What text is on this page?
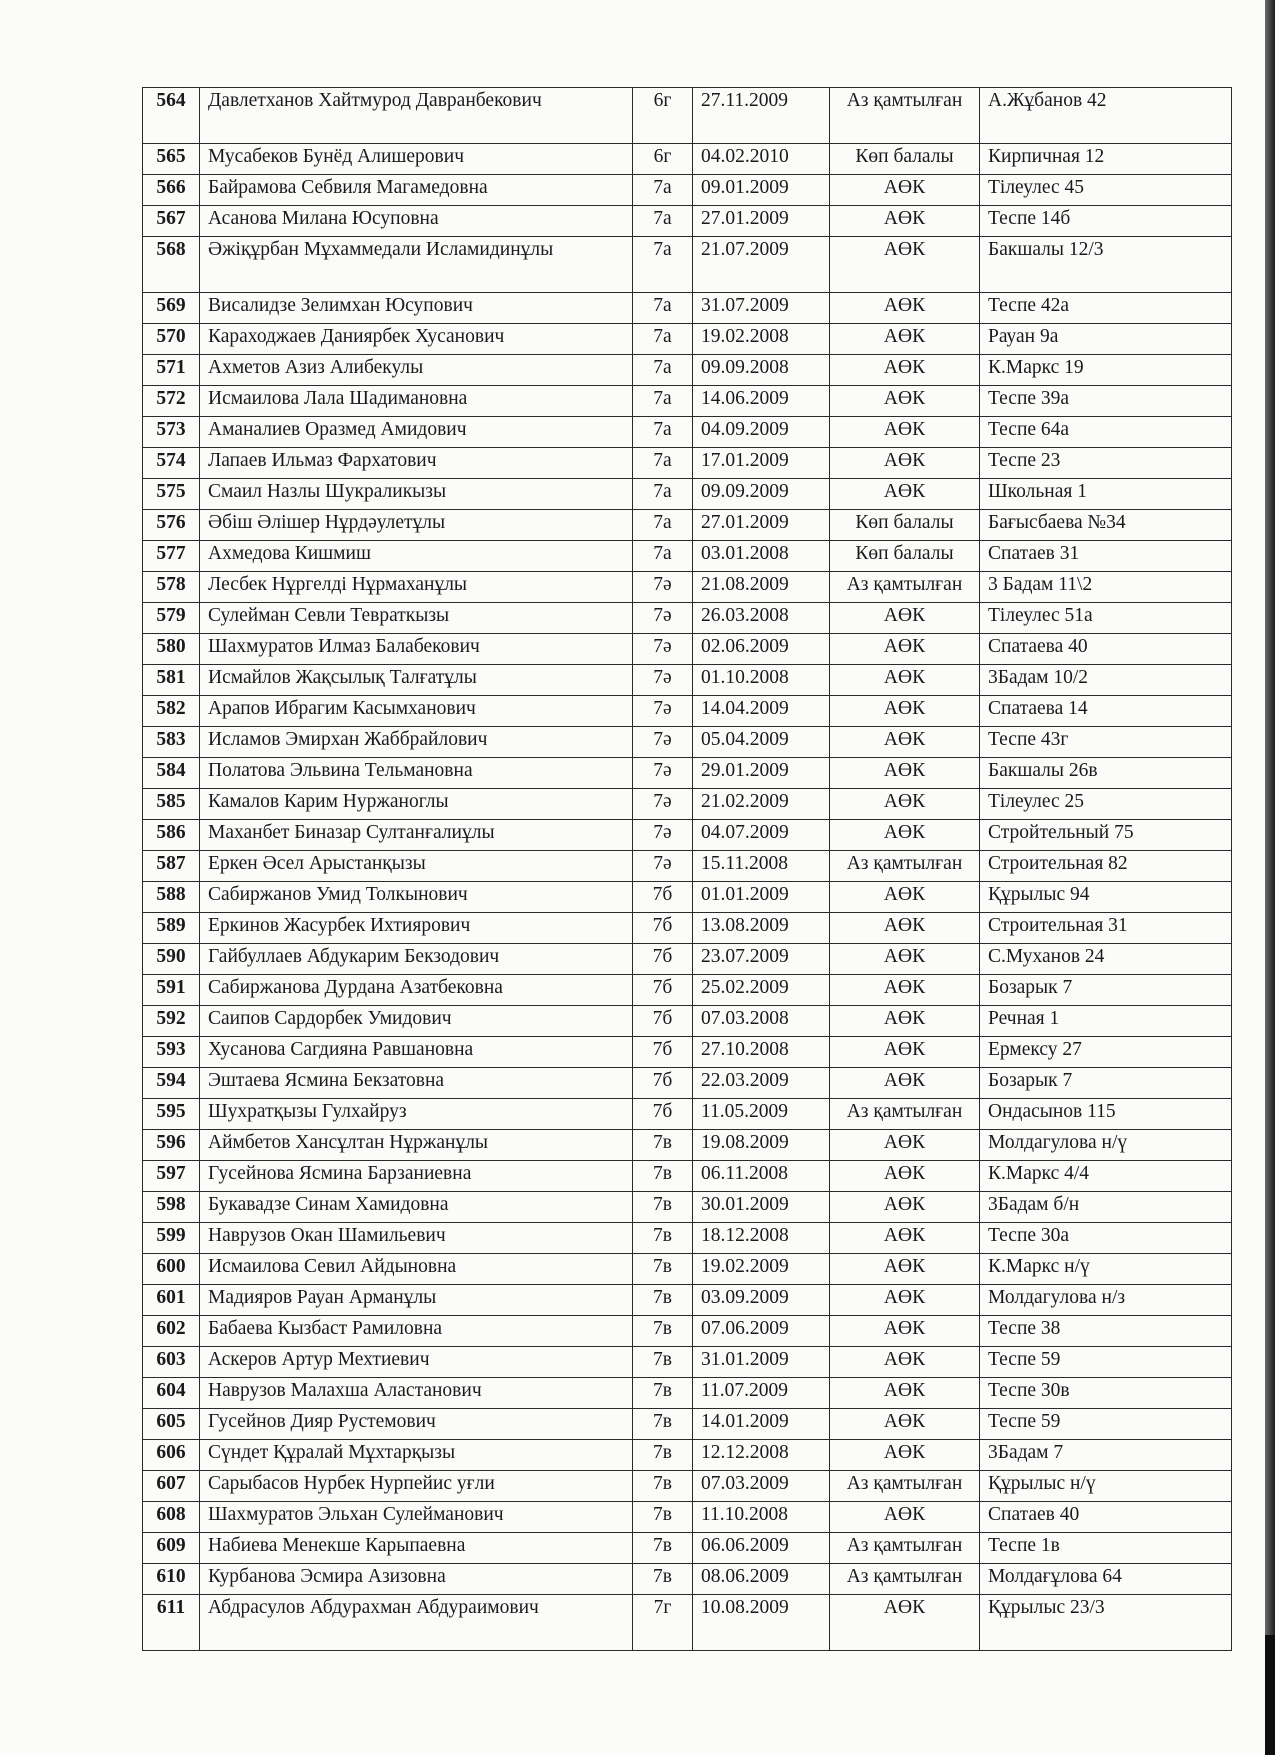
564	Давлетханов Хайтмурод Давранбекович	6г	27.11.2009	Аз қамтылған	А.Жұбанов 42
565	Мусабеков Бунёд Алишерович	6г	04.02.2010	Көп балалы	Кирпичная 12
566	Байрамова Себвиля Магамедовна	7а	09.01.2009	АӨК	Тілеулес 45
567	Асанова Милана Юсуповна	7а	27.01.2009	АӨК	Теспе 14б
568	Әжіқұрбан Мұхаммедали Исламидинұлы	7а	21.07.2009	АӨК	Бакшалы 12/3
569	Висалидзе Зелимхан Юсупович	7а	31.07.2009	АӨК	Теспе 42а
570	Караходжаев Даниярбек Хусанович	7а	19.02.2008	АӨК	Рауан 9а
571	Ахметов Азиз Алибекулы	7а	09.09.2008	АӨК	К.Маркс 19
572	Исмаилова Лала Шадимановна	7а	14.06.2009	АӨК	Теспе 39а
573	Аманалиев Оразмед Амидович	7а	04.09.2009	АӨК	Теспе 64а
574	Лапаев Ильмаз Фархатович	7а	17.01.2009	АӨК	Теспе 23
575	Смаил Назлы Шукраликызы	7а	09.09.2009	АӨК	Школьная 1
576	Әбіш Әлішер Нұрдәулетұлы	7а	27.01.2009	Көп балалы	Бағысбаева №34
577	Ахмедова Кишмиш	7а	03.01.2008	Көп балалы	Спатаев 31
578	Лесбек Нұргелді Нұрмаханұлы	7ә	21.08.2009	Аз қамтылған	3 Бадам 11\2
579	Сулейман Севли Тевраткызы	7ә	26.03.2008	АӨК	Тілеулес 51а
580	Шахмуратов Илмаз Балабекович	7ә	02.06.2009	АӨК	Спатаева 40
581	Исмайлов Жақсылық Талғатұлы	7ә	01.10.2008	АӨК	3Бадам 10/2
582	Арапов Ибрагим Касымханович	7ә	14.04.2009	АӨК	Спатаева 14
583	Исламов Эмирхан Жаббрайлович	7ә	05.04.2009	АӨК	Теспе 43г
584	Полатова Эльвина Тельмановна	7ә	29.01.2009	АӨК	Бакшалы 26в
585	Камалов Карим Нуржаноглы	7ә	21.02.2009	АӨК	Тілеулес 25
586	Маханбет Биназар Султанғалиұлы	7ә	04.07.2009	АӨК	Стройтельный 75
587	Еркен Әсел Арыстанқызы	7ә	15.11.2008	Аз қамтылған	Строительная 82
588	Сабиржанов Умид Толкынович	7б	01.01.2009	АӨК	Құрылыс 94
589	Еркинов Жасурбек Ихтиярович	7б	13.08.2009	АӨК	Строительная 31
590	Гайбуллаев Абдукарим Бекзодович	7б	23.07.2009	АӨК	С.Муханов 24
591	Сабиржанова Дурдана Азатбековна	7б	25.02.2009	АӨК	Бозарык 7
592	Саипов Сардорбек Умидович	7б	07.03.2008	АӨК	Речная 1
593	Хусанова Сагдияна Равшановна	7б	27.10.2008	АӨК	Ермексу 27
594	Эштаева Ясмина Бекзатовна	7б	22.03.2009	АӨК	Бозарык 7
595	Шухратқызы Гулхайруз	7б	11.05.2009	Аз қамтылған	Ондасынов 115
596	Аймбетов Хансұлтан Нұржанұлы	7в	19.08.2009	АӨК	Молдагулова н/ү
597	Гусейнова Ясмина Барзаниевна	7в	06.11.2008	АӨК	К.Маркс 4/4
598	Букавадзе Синам Хамидовна	7в	30.01.2009	АӨК	3Бадам б/н
599	Наврузов Окан Шамильевич	7в	18.12.2008	АӨК	Теспе 30а
600	Исмаилова Севил Айдыновна	7в	19.02.2009	АӨК	К.Маркс н/ү
601	Мадияров Рауан Арманұлы	7в	03.09.2009	АӨК	Молдагулова н/з
602	Бабаева Кызбаст Рамиловна	7в	07.06.2009	АӨК	Теспе 38
603	Аскеров Артур Мехтиевич	7в	31.01.2009	АӨК	Теспе 59
604	Наврузов Малахша Аластанович	7в	11.07.2009	АӨК	Теспе 30в
605	Гусейнов Дияр Рустемович	7в	14.01.2009	АӨК	Теспе 59
606	Сүндет Құралай Мұхтарқызы	7в	12.12.2008	АӨК	3Бадам 7
607	Сарыбасов Нурбек Нурпейис уғли	7в	07.03.2009	Аз қамтылған	Құрылыс н/ү
608	Шахмуратов Эльхан Сулейманович	7в	11.10.2008	АӨК	Спатаев 40
609	Набиева Менекше Карыпаевна	7в	06.06.2009	Аз қамтылған	Теспе 1в
610	Курбанова Эсмира Азизовна	7в	08.06.2009	Аз қамтылған	Молдағұлова 64
611	Абдрасулов Абдурахман Абдураимович	7г	10.08.2009	АӨК	Құрылыс 23/3
